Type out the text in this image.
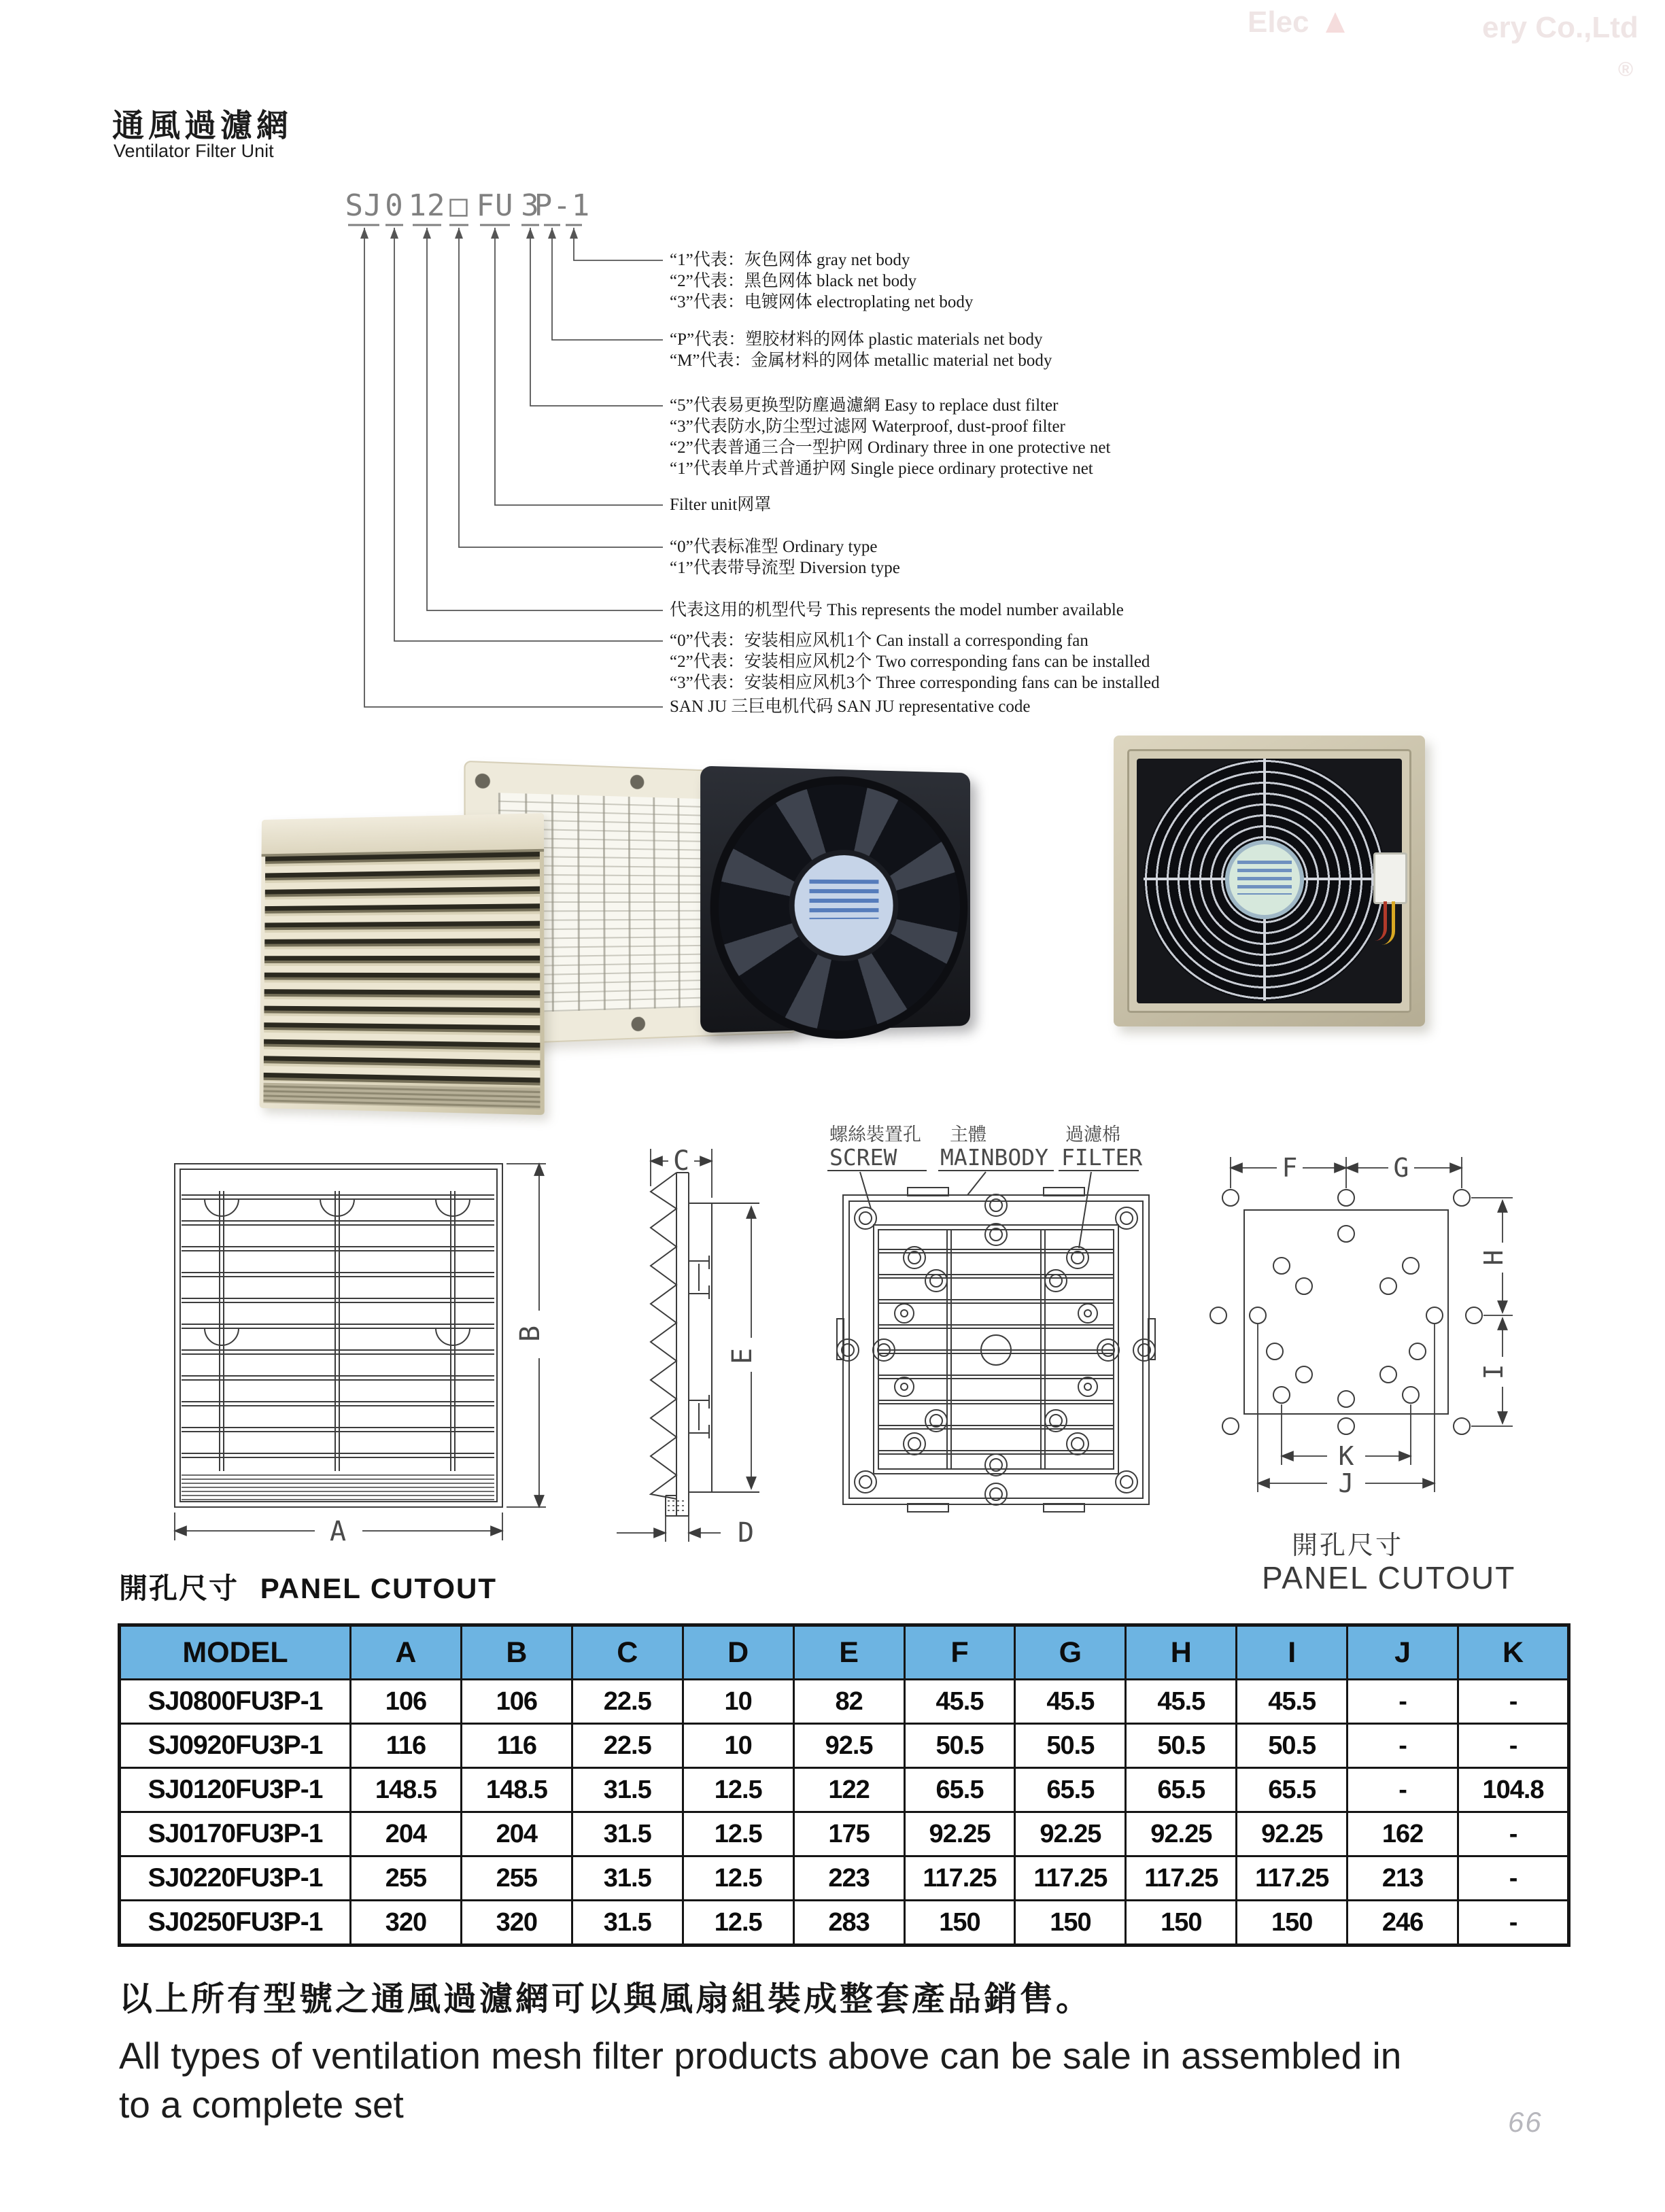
Elec	ery Co.,Ltd
®
通風過濾網
Ventilator Filter Unit
SJ 0 12 □ FU 3
P-1
“1”代表：灰色网体 gray net body
“2”代表：黑色网体 black net body
“3”代表：电镀网体 electroplating net body
“P”代表：塑胶材料的网体 plastic materials net body
“M”代表：金属材料的网体 metallic material net body
“5”代表易更换型防塵過濾網 Easy to replace dust filter
“3”代表防水,防尘型过滤网 Waterproof, dust-proof filter
“2”代表普通三合一型护网 Ordinary three in one protective net
“1”代表单片式普通护网 Single piece ordinary protective net
Filter unit网罩
“0”代表标准型 Ordinary type
“1”代表带导流型 Diversion type
代表这用的机型代号 This represents the model number available
“0”代表：安装相应风机1个 Can install a corresponding fan
“2”代表：安装相应风机2个 Two corresponding fans can be installed
“3”代表：安装相应风机3个 Three corresponding fans can be installed
SAN JU 三巨电机代码 SAN JU representative code
A
B
C
E
D
螺絲裝置孔
SCREW
主體
MAINBODY
過濾棉
FILTER	F	G
H
I
K
J
開孔尺寸
PANEL CUTOUT
開孔尺寸 PANEL CUTOUT
MODEL	A	B	C	D	E	F	G	H	I	J	K
SJ0800FU3P-1	106	106	22.5	10	82	45.5	45.5	45.5	45.5	-	-
SJ0920FU3P-1	116	116	22.5	10	92.5	50.5	50.5	50.5	50.5	-	-
SJ0120FU3P-1	148.5	148.5	31.5	12.5	122	65.5	65.5	65.5	65.5	-	104.8
SJ0170FU3P-1	204	204	31.5	12.5	175	92.25	92.25	92.25	92.25	162	-
SJ0220FU3P-1	255	255	31.5	12.5	223	117.25	117.25	117.25	117.25	213	-
SJ0250FU3P-1	320	320	31.5	12.5	283	150	150	150	150	246	-
以上所有型號之通風過濾網可以與風扇組裝成整套產品銷售。
All types of ventilation mesh filter products above can be sale in assembled in
to a complete set	66
